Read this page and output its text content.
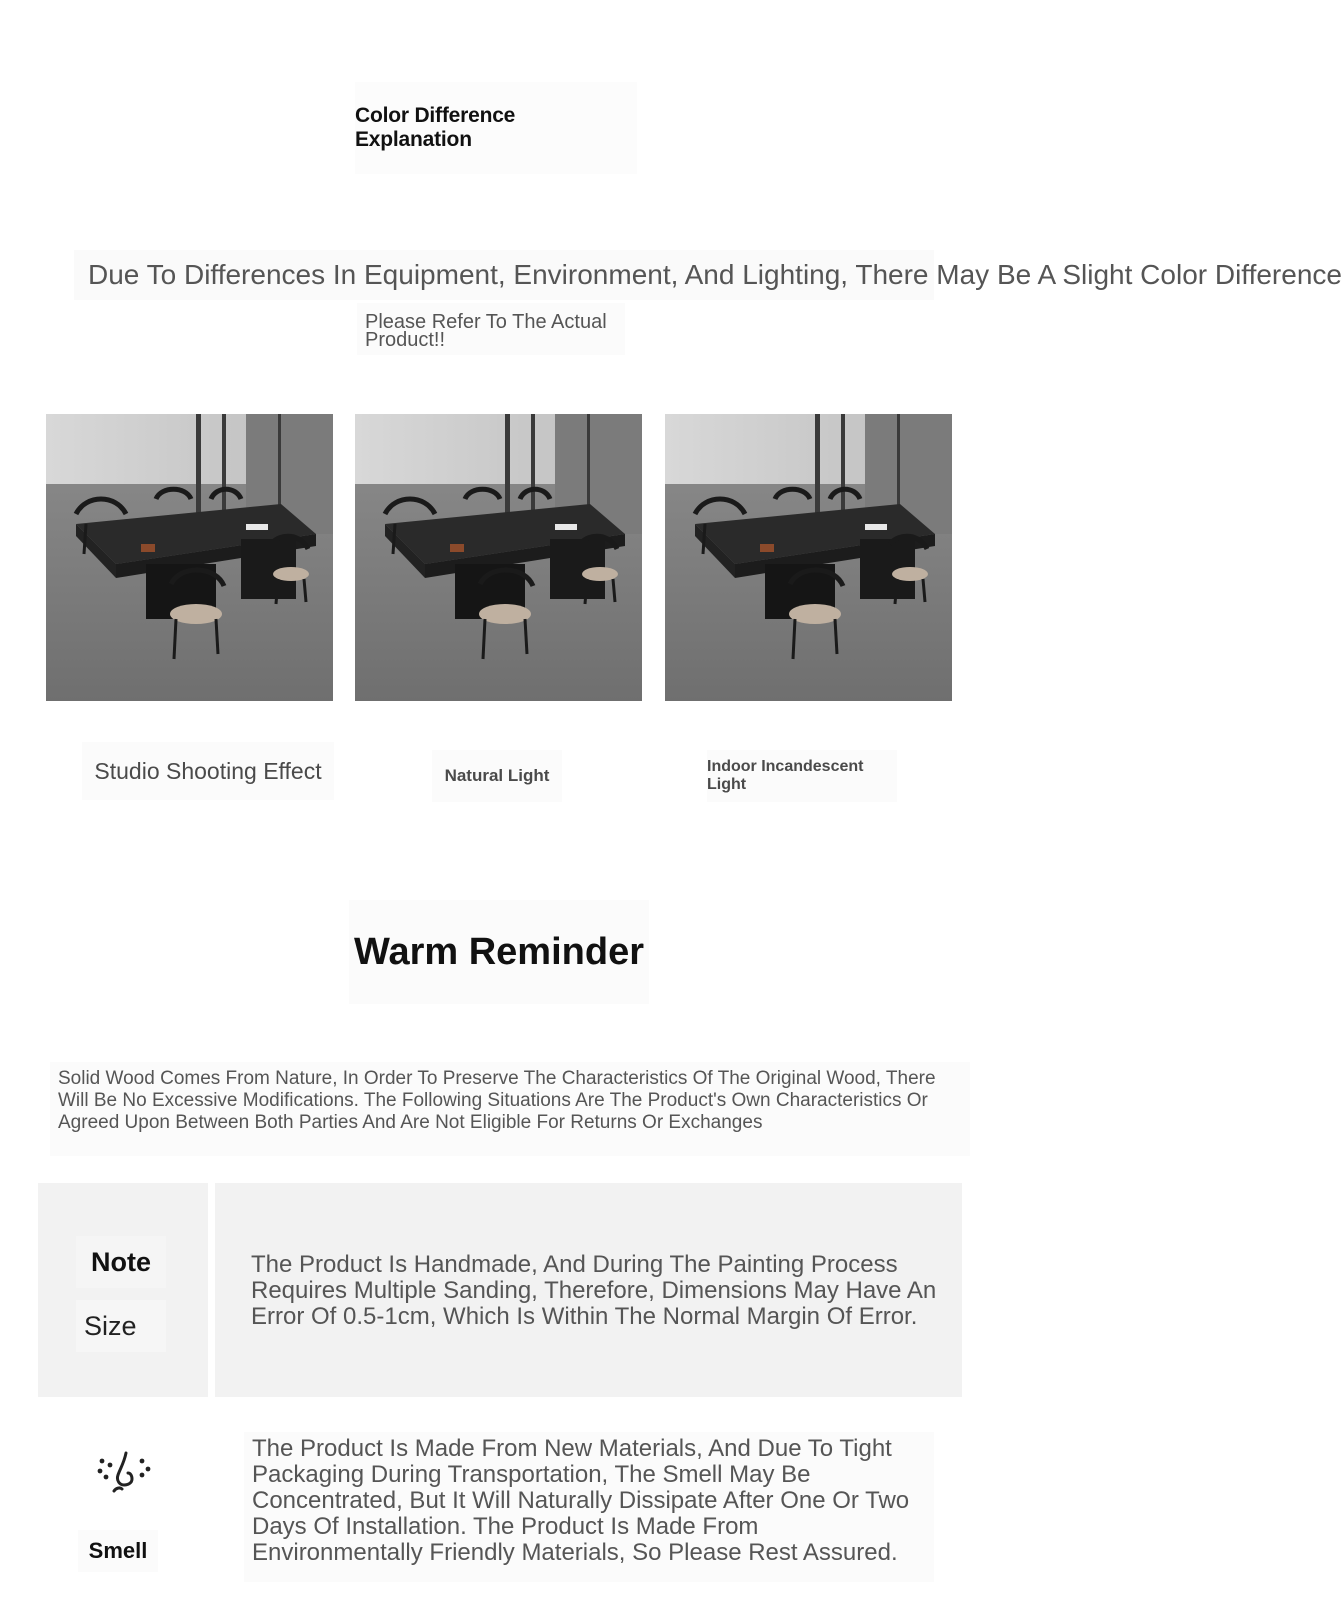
Color Difference Explanation
Due To Differences In Equipment, Environment, And Lighting, There May Be A Slight Color Difference
Please Refer To The Actual Product!!
Studio Shooting Effect	Natural Light	Indoor Incandescent Light
Warm Reminder
Solid Wood Comes From Nature, In Order To Preserve The Characteristics Of The Original Wood, There Will Be No Excessive Modifications. The Following Situations Are The Product's Own Characteristics Or Agreed Upon Between Both Parties And Are Not Eligible For Returns Or Exchanges
Note
Size
The Product Is Handmade, And During The Painting Process Requires Multiple Sanding, Therefore, Dimensions May Have An Error Of 0.5-1cm, Which Is Within The Normal Margin Of Error.
Smell
The Product Is Made From New Materials, And Due To Tight Packaging During Transportation, The Smell May Be Concentrated, But It Will Naturally Dissipate After One Or Two Days Of Installation. The Product Is Made From Environmentally Friendly Materials, So Please Rest Assured.
